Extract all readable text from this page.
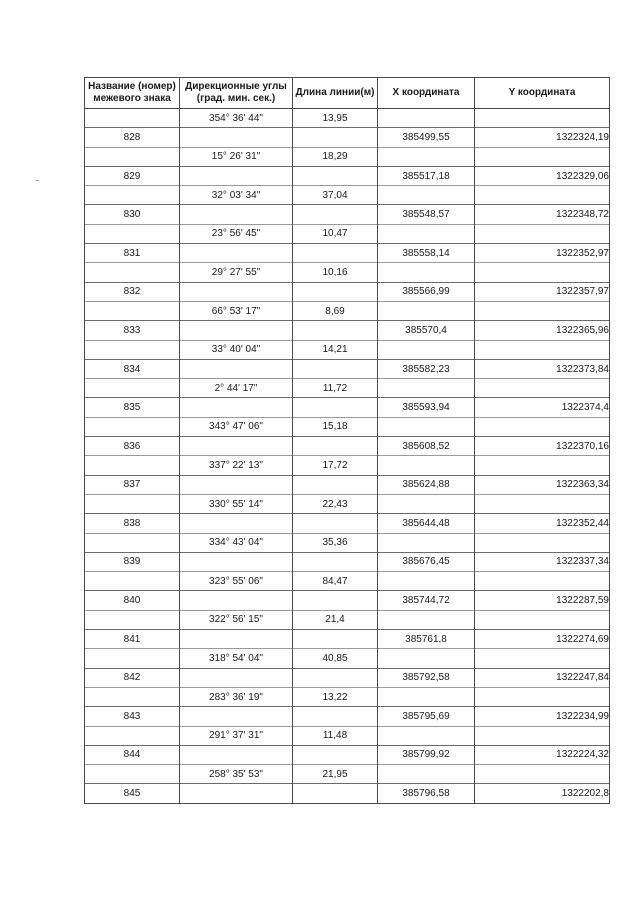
Название (номер) межевого знака	Дирекционные углы (град. мин. сек.)	Длина линии(м)	X координата	Y координата
	354° 36' 44"	13,95		
828			385499,55	1322324,19
	15° 26' 31"	18,29		
829			385517,18	1322329,06
	32° 03' 34"	37,04		
830			385548,57	1322348,72
	23° 56' 45"	10,47		
831			385558,14	1322352,97
	29° 27' 55"	10,16		
832			385566,99	1322357,97
	66° 53' 17"	8,69		
833			385570,4	1322365,96
	33° 40' 04"	14,21		
834			385582,23	1322373,84
	2° 44' 17"	11,72		
835			385593,94	1322374,4
	343° 47' 06"	15,18		
836			385608,52	1322370,16
	337° 22' 13"	17,72		
837			385624,88	1322363,34
	330° 55' 14"	22,43		
838			385644,48	1322352,44
	334° 43' 04"	35,36		
839			385676,45	1322337,34
	323° 55' 06"	84,47		
840			385744,72	1322287,59
	322° 56' 15"	21,4		
841			385761,8	1322274,69
	318° 54' 04"	40,85		
842			385792,58	1322247,84
	283° 36' 19"	13,22		
843			385795,69	1322234,99
	291° 37' 31"	11,48		
844			385799,92	1322224,32
	258° 35' 53"	21,95		
845			385796,58	1322202,8
